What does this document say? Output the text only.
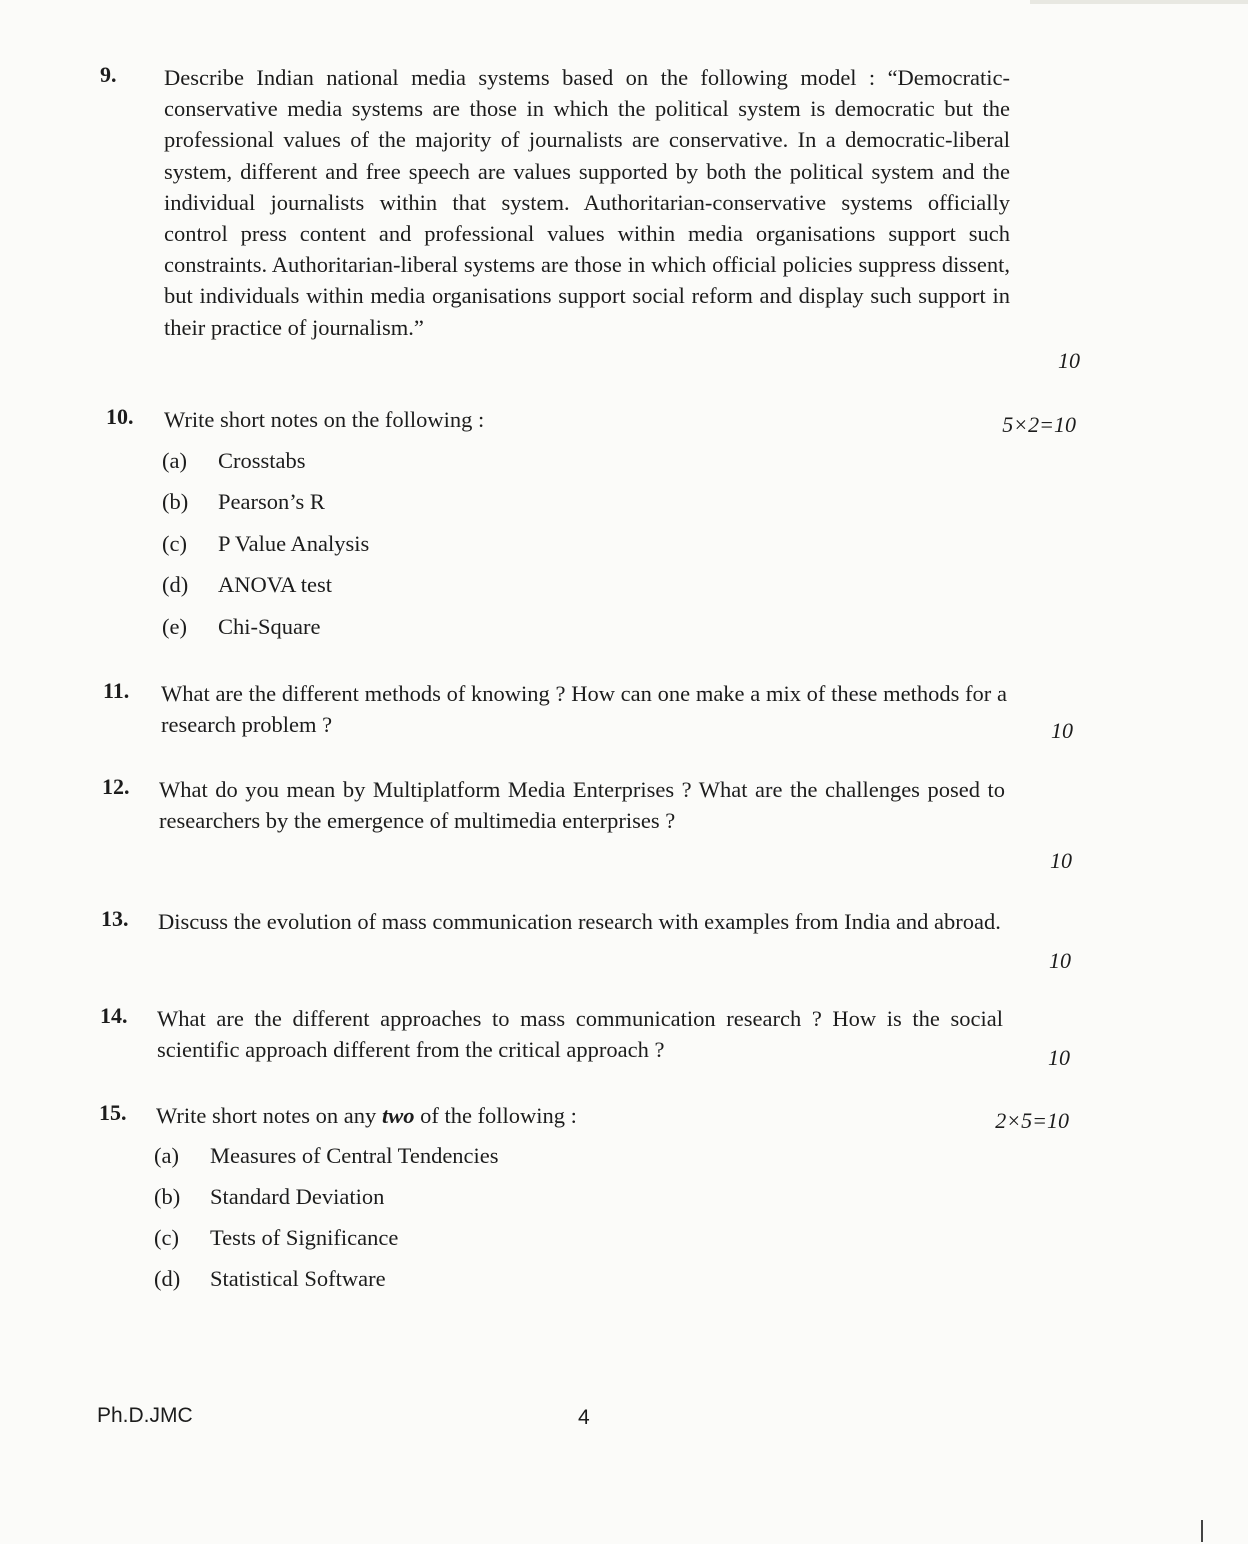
9.	Describe Indian national media systems based on the following model : “Democratic-conservative media systems are those in which the political system is democratic but the professional values of the majority of journalists are conservative. In a democratic-liberal system, different and free speech are values supported by both the political system and the individual journalists within that system. Authoritarian-conservative systems officially control press content and professional values within media organisations support such constraints. Authoritarian-liberal systems are those in which official policies suppress dissent, but individuals within media organisations support social reform and display such support in their practice of journalism.”
10
10.	Write short notes on the following :	5×2=10
(a) Crosstabs
(b) Pearson’s R
(c) P Value Analysis
(d) ANOVA test
(e) Chi-Square
11.	What are the different methods of knowing ? How can one make a mix of these methods for a research problem ?	10
12.	What do you mean by Multiplatform Media Enterprises ? What are the challenges posed to researchers by the emergence of multimedia enterprises ?
10
13.	Discuss the evolution of mass communication research with examples from India and abroad.
10
14.	What are the different approaches to mass communication research ? How is the social scientific approach different from the critical approach ?	10
15.	Write short notes on any two of the following :	2×5=10
(a) Measures of Central Tendencies
(b) Standard Deviation
(c) Tests of Significance
(d) Statistical Software
Ph.D.JMC	4
